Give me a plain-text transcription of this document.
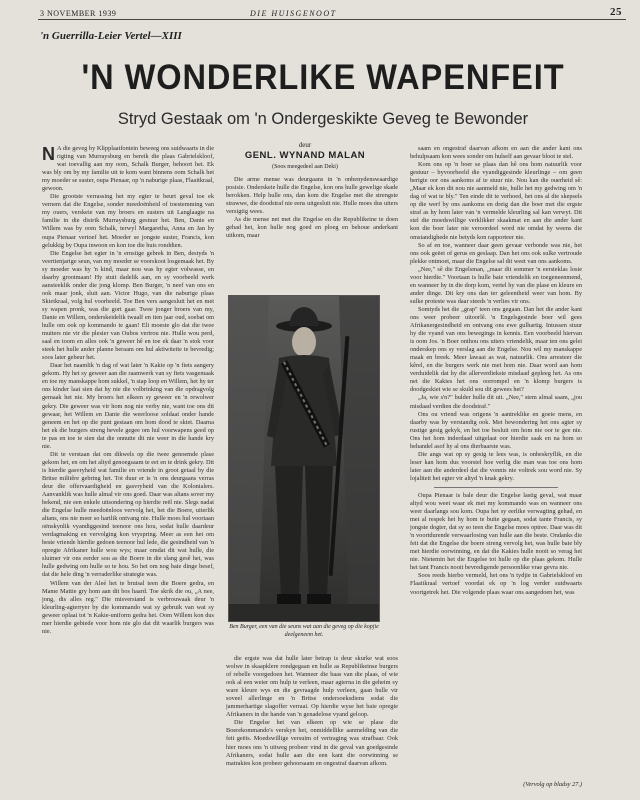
3 NOVEMBER 1939	DIE HUISGENOOT	25
'n Guerrilla-Leier Vertel—XIII
'N WONDERLIKE WAPENFEIT
Stryd Gestaak om 'n Ondergeskikte Geveg te Bewonder
deur
GENL. WYNAND MALAN
(Soos meegedeel aan Deki)

N A die geveg by Klipplaatfontein beweeg ons suidwaarts in die rigting van Murraysburg en bereik die plaas Gabrielskloof, wat toevallig aan my oom, Schalk Burger, behoort het. Ek was bly om by my familie uit te kom want binnens oom Schalk het my moeder se suster, oupa Pienaar, op 'n naburige plaas, Flaaitkraal, gewoon.

Die grootste verrassing het my egter te beurt geval toe ek vernem dat die Engelse, sonder meedoënheid of toestemming van my ouers, verskeie van my broers en susters uit Langlaagte na familie in die distrik Murraysburg gestuur het. Ben, Danie en Willem was by oom Schalk, terwyl Margaretha, Anna en Jan by oupa Pienaar vertoef het. Moeder se jongste suster, Francis, kon gelukkig by Oupa inwoon en kon toe die huis ronddien.

Die Engelse het egter in 'n ernstige gebrek in Ben, destyds 'n veertienjarige seun, van my moeder se voorskoot losgemaak het. By sy moeder was hy 'n kind, maar nou was hy egter volwasse, en daarby grootmaan! Hy stuit dadelik aan, en sy voorbeeld werk aansteeklik onder die jong klomp. Ben Burger, 'n neef van ons en ook maar jonk, sluit aan. Victor Hugo, van die naburige plaas Skietkraal, volg hul voorbeeld. Toe Ben vers aangesluit het en met sy wapen pronk, was die gort gaar. Twee jonger broers van my, Danie en Willem, onderskeidelik twaalf en tien jaar oud, soebat om hulle om ook op kommando te gaan! Eli moeste glo dat die twee muiters nie vir die plesier van Oubos vertrou nie. Hulle wou perd, saal en toom en alles ook 'n geweer hê en toe ek daar 'n stok voor steek het hulle ander planne beraam om hul aktiwiteite te bevredig; soos later gebeur het.

Daar het naamlik 'n dag of wat later 'n Kakie op 'n fiets aangery gekom. Hy het sy geweer aan die raamwerk van sy fiets vasgemaak en toe my manskappe hom sukkel, 'n stap loop en Willem, het hy ter ons kinder laat sien dat hy nie die volbrinking van die opdragvolg gemaak het nie. My broers het elkeen sy geweer en 'n rewolwer gekry. Die geweer was vir hom nog nie verby nie, want toe ons dit gewaar, het Willem en Danie die weerloose soldaat onder hande geneem en het op die punt gestaan om hom dood te skiet. Daarna het ek die burgers streng bevele gegee om hul voorwapens geed op te pas en toe te sien dat die onnutte dit nie weer in die hande kry nie.

Dit te verstaan dat om dikwels op die twee genoemde plase gekom het, en om het altyd genoegsaam te eet en te drink gekry. Dit is hierdie gasvryheid wat familie en vriende in groot getaal by die Britse militêre gebring het. Tot duur er is 'n ons deurgaans verras deur die offervaardigheid en gasvryheid van die Kolonialers. Aanvanklik was hulle almal vir ons goed. Daar was altans sover my bekend, nie een enkele uitsondering op hierdie reël nie. Slegs nadat die Engelse hulle meedoënloos vervolg het, het die Boere, uiterlik altans, ons nie meer so hartlik ontvang nie. Hulle moes hul voortaan oënskynlik vyandiggesind teenoor ons hou, sodat hulle daardeur verdagmaking en vervolging kon vryspring. Meer as een het om beste vriende hierdie gedoen teenoor hul lede, die gesindheid van 'n opregte Afrikaner hulle wou wys; maar omdat dit wat hulle, die sluimer vir ons eerder sou as die Boere in die slang gesê het, was hulle gedwing om hulle so te hou. So het om nog baie dinge besef, dat die hele ding 'n verraderlike strategie was.

Willem van der Aleé het te bruisal teen die Boere gedra, en Mame Mattie gry hom aan dit bos haard. Toe skrik die ou, „A nee, jong, dis alles reg." Die misverstand is verbrouwaak deur 'n kleurling-agterryer by die kommando wat sy gebruik van wat sy geweer oplaai tot 'n Kakie-uniform gedra het. Oom Willem kon dus mer hierdie gebiede voor hom nie glo dat dit waarlik burgers was nie.

Die arme mense was deurgaans in 'n onbenydenswaardige posisie. Onderskeie hulle die Engelse, kon ons hulle gewelige skade berokken. Help hulle ons, dan kom die Engelse met die strengste strawwe, die doodstraf nie eens uitgesluit nie. Hulle moes dus uiters versigtig wees.

As die mense net met die Engelse en die Republikeine te doen gehad het, kon hulle nog goed en ploeg en behoue anderkant uitkom, maar

Ben Burger, een van die seuns wat aan die geveg op die kopjie deelgeneem het.

die ergste was dat hulle later betrap is deur skurke wat soos wolwe in skaapklere rondgegaan en hulle as Republikeinse burgers of rebelle voorgedoen het. Wanneer die baas van die plaas, of wie ook al een weier om hulp te verleen, maar agterna in die geheim sy ware kleure wys en die gevraagde hulp verleen, gaan hulle vir soveel allerlinge en 'n Britse ondersoeksdiens sodat die jammerhartige slagoffer verraai. Op hierdie wyse het baie opregte Afrikaners in die hande van 'n genadelose vyand geloop.

Die Engelse het van elkeen op wie se plase die Boerekommando's verskyn het, onmiddellike aanmelding van die feit geëis. Moedswillige versuim of vertraging was strafbaar. Ook hier moes ons 'n uitweg probeer vind in die geval van goedgesinde Afrikaners, sodat hulle aan die een kant die oorwinning se matrakies kon probeer gehoorsaam en ongestraf daarvan afkom.

saam en ongestraf daarvan afkom en aan die ander kant ons behulpsaam kon wees sonder om hulself aan gevaar bloot te stel.

Kom ons op 'n boer se plaas dan hê ons hom natuurlik voor gestuur – byvoorbeeld die vyandiggesinde kleurlinge – om geen berigte oor ons aankoms af te stuur nie. Nou kan die ouerheid sê: „Maar ek kon dit nou nie aanmeld nie, hulle het my gedwing om 'n dag of wat te bly." Ten einde dit te verhoed, het ons al die skepsels op die werf by ons aankoms en dreig dan die boer met die ergste straf as hy hom later van 'n vermelde kleurling sal kan verwyt. Dit stel die moedswillige verklikker skaakmat en aan die ander kant kon die boer later nie veroordeel word nie omdat hy weens die omstandighede nie betyds kon rapporteer nie.

So af en toe, wanneer daar geen gevaar verbonde was nie, het ons ook geëet of gerus en geslaap. Dan het ons ook sulke vertroude plekke ontmoet, maar die Engelse sal dit weet van ons aankoms.

„Nee," sê die Engelsman, „maar dit sommer 'n eersteklas losie voor hierdie." Voortaan is hulle baie vriendelik en toegeneenmend, en wanneer hy in die dorp kom, vertel hy van die plase en kleure en ander dinge. Dit kry ons dan ter geleentheid weer van hom. By sulke proteste was daar steeds 'n verlies vir ons.

Somtyds het die „grap" teen ons gegaan. Dan het die ander kant ons weer probeer uitoorlê. 'n Engelsgesinde boer wil gees Afrikanergesindheid en ontvang ons ewe gulhartig. Intussen stuur hy die vyand van ons bewegings in kennis. Een voorbeeld hiervan is oom Jos. 'n Boer onthou ons uiters vriendelik, maar ten ons gelei onderskep ons sy verslag aan die Engelse. Nou wil my manskappe maak en breek. Meer lawaai as wat, natuurlik. Ons arresteer die kêrel, en die burgers werk nie met hom nie. Daar word aan hom verduidelik dat hy die allerverdiekste misdaad gepleeg het. As ons net die Kakies het ons oorrompel en 'n klomp burgers is doodgeskiet wie se skuld sou dit gewees het?

„Ja, wie s'n?" bulder hulle dit uit. „Nee," stem almal saam, „jou misdaad verdien die doodstraf."

Ons ou vriend was origens 'n aantreklike en goeie mens, en daarby was hy verstandig ook. Met bewondering het ons agter sy rustige gesig gekyk, en het toe besluit om hom nie oor te gee nie. Ons het hom inderdaad uitgelaat oor hierdie saak en na hom so behandel asof hy al ons dierbaarste was.

Die angs wat op sy gesig te lees was, is onbeskryflik, en die leser kan hom dus voorstel hoe verlig die man was toe ons hom later aan die anderdeel dat die vonnis nie voltrek sou word nie. Sy lojaliteit het egter vir altyd 'n knak gekry.

Oupa Pienaar is bale deur die Engelse lastig geval, wat maar altyd wou weet waar ek met my kommando was en wanneer ons weer daarlangs sou kom. Oupa het sy eerlike verwagting gehad, en met al respek het hy hom te buite gegaan, sodat tante Francis, sy jongste dogter, dat sy so teen die Engelse moes optree. Daar was dit 'n voortdurende verwaarlosing van hulle aan die beste. Ondanks die feit dat die Engelse die boere streng vervolg het, was hulle baie bly met hierdie oorwinning, en dat die Kakies hulle nooit so verag het nie. Nietemin het die Engelse tot hulle op die plaas gekom. Hulle het tant Francis nooit bevredigende persoonlike vrae gevra nie.

Soos reeds hierbo vermeld, het ons 'n tydjie in Gabrielskloof en Flaaitkraal vertoef voordat ek op 'n log verder suidwaarts voortgetrek het. Die volgende plaas waar ons aangedoen het, was

(Vervolg op bladsy 27.)
